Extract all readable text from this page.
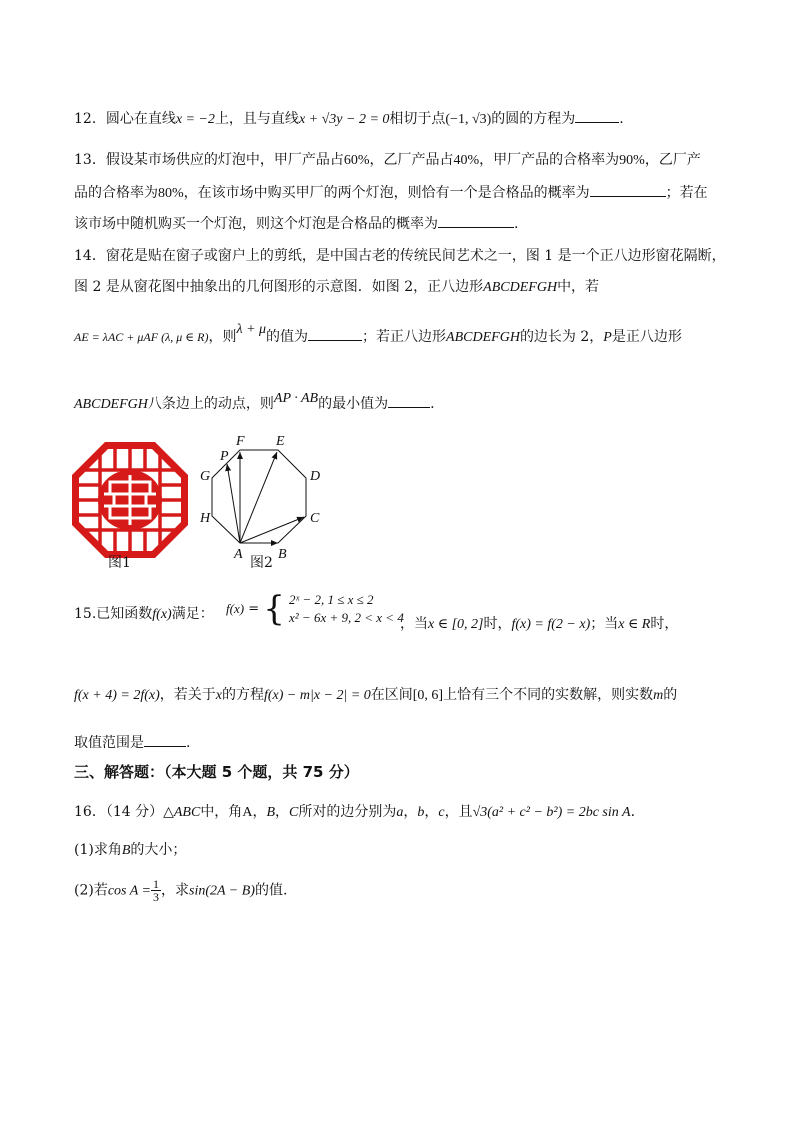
12．圆心在直线x = −2上，且与直线x + √3y − 2 = 0相切于点(−1, √3)的圆的方程为	.
13．假设某市场供应的灯泡中，甲厂产品占60%，乙厂产品占40%，甲厂产品的合格率为90%，乙厂产
品的合格率为80%，在该市场中购买甲厂的两个灯泡，则恰有一个是合格品的概率为	；若在
该市场中随机购买一个灯泡，则这个灯泡是合格品的概率为	.
14．窗花是贴在窗子或窗户上的剪纸，是中国古老的传统民间艺术之一，图 1 是一个正八边形窗花隔断，
图 2 是从窗花图中抽象出的几何图形的示意图．如图 2，正八边形ABCDEFGH中，若
AE = λAC + μAF (λ, μ ∈ R)，则λ + μ的值为	；若正八边形ABCDEFGH的边长为 2，P是正八边形
ABCDEFGH八条边上的动点，则AP · AB的最小值为	.
图1
A	B
C
D
E
F
G
H
P
图2
15.已知函数f(x)满足： f(x) = { 2ˣ − 2, 1 ≤ x ≤ 2
x² − 6x + 9, 2 < x < 4
，当x ∈ [0, 2]时，f(x) = f(2 − x)；当x ∈ R时，
f(x + 4) = 2f(x)，若关于x的方程f(x) − m|x − 2| = 0在区间[0, 6]上恰有三个不同的实数解，则实数m的
取值范围是	.
三、解答题：（本大题 5 个题，共 75 分）
16．（14 分）△ABC中，角A，B，C所对的边分别为a，b，c，且√3(a² + c² − b²) = 2bc sin A.
(1)求角B的大小；
(2)若$\cos A = \frac{1}{3}$ ，求sin(2A − B)的值.
